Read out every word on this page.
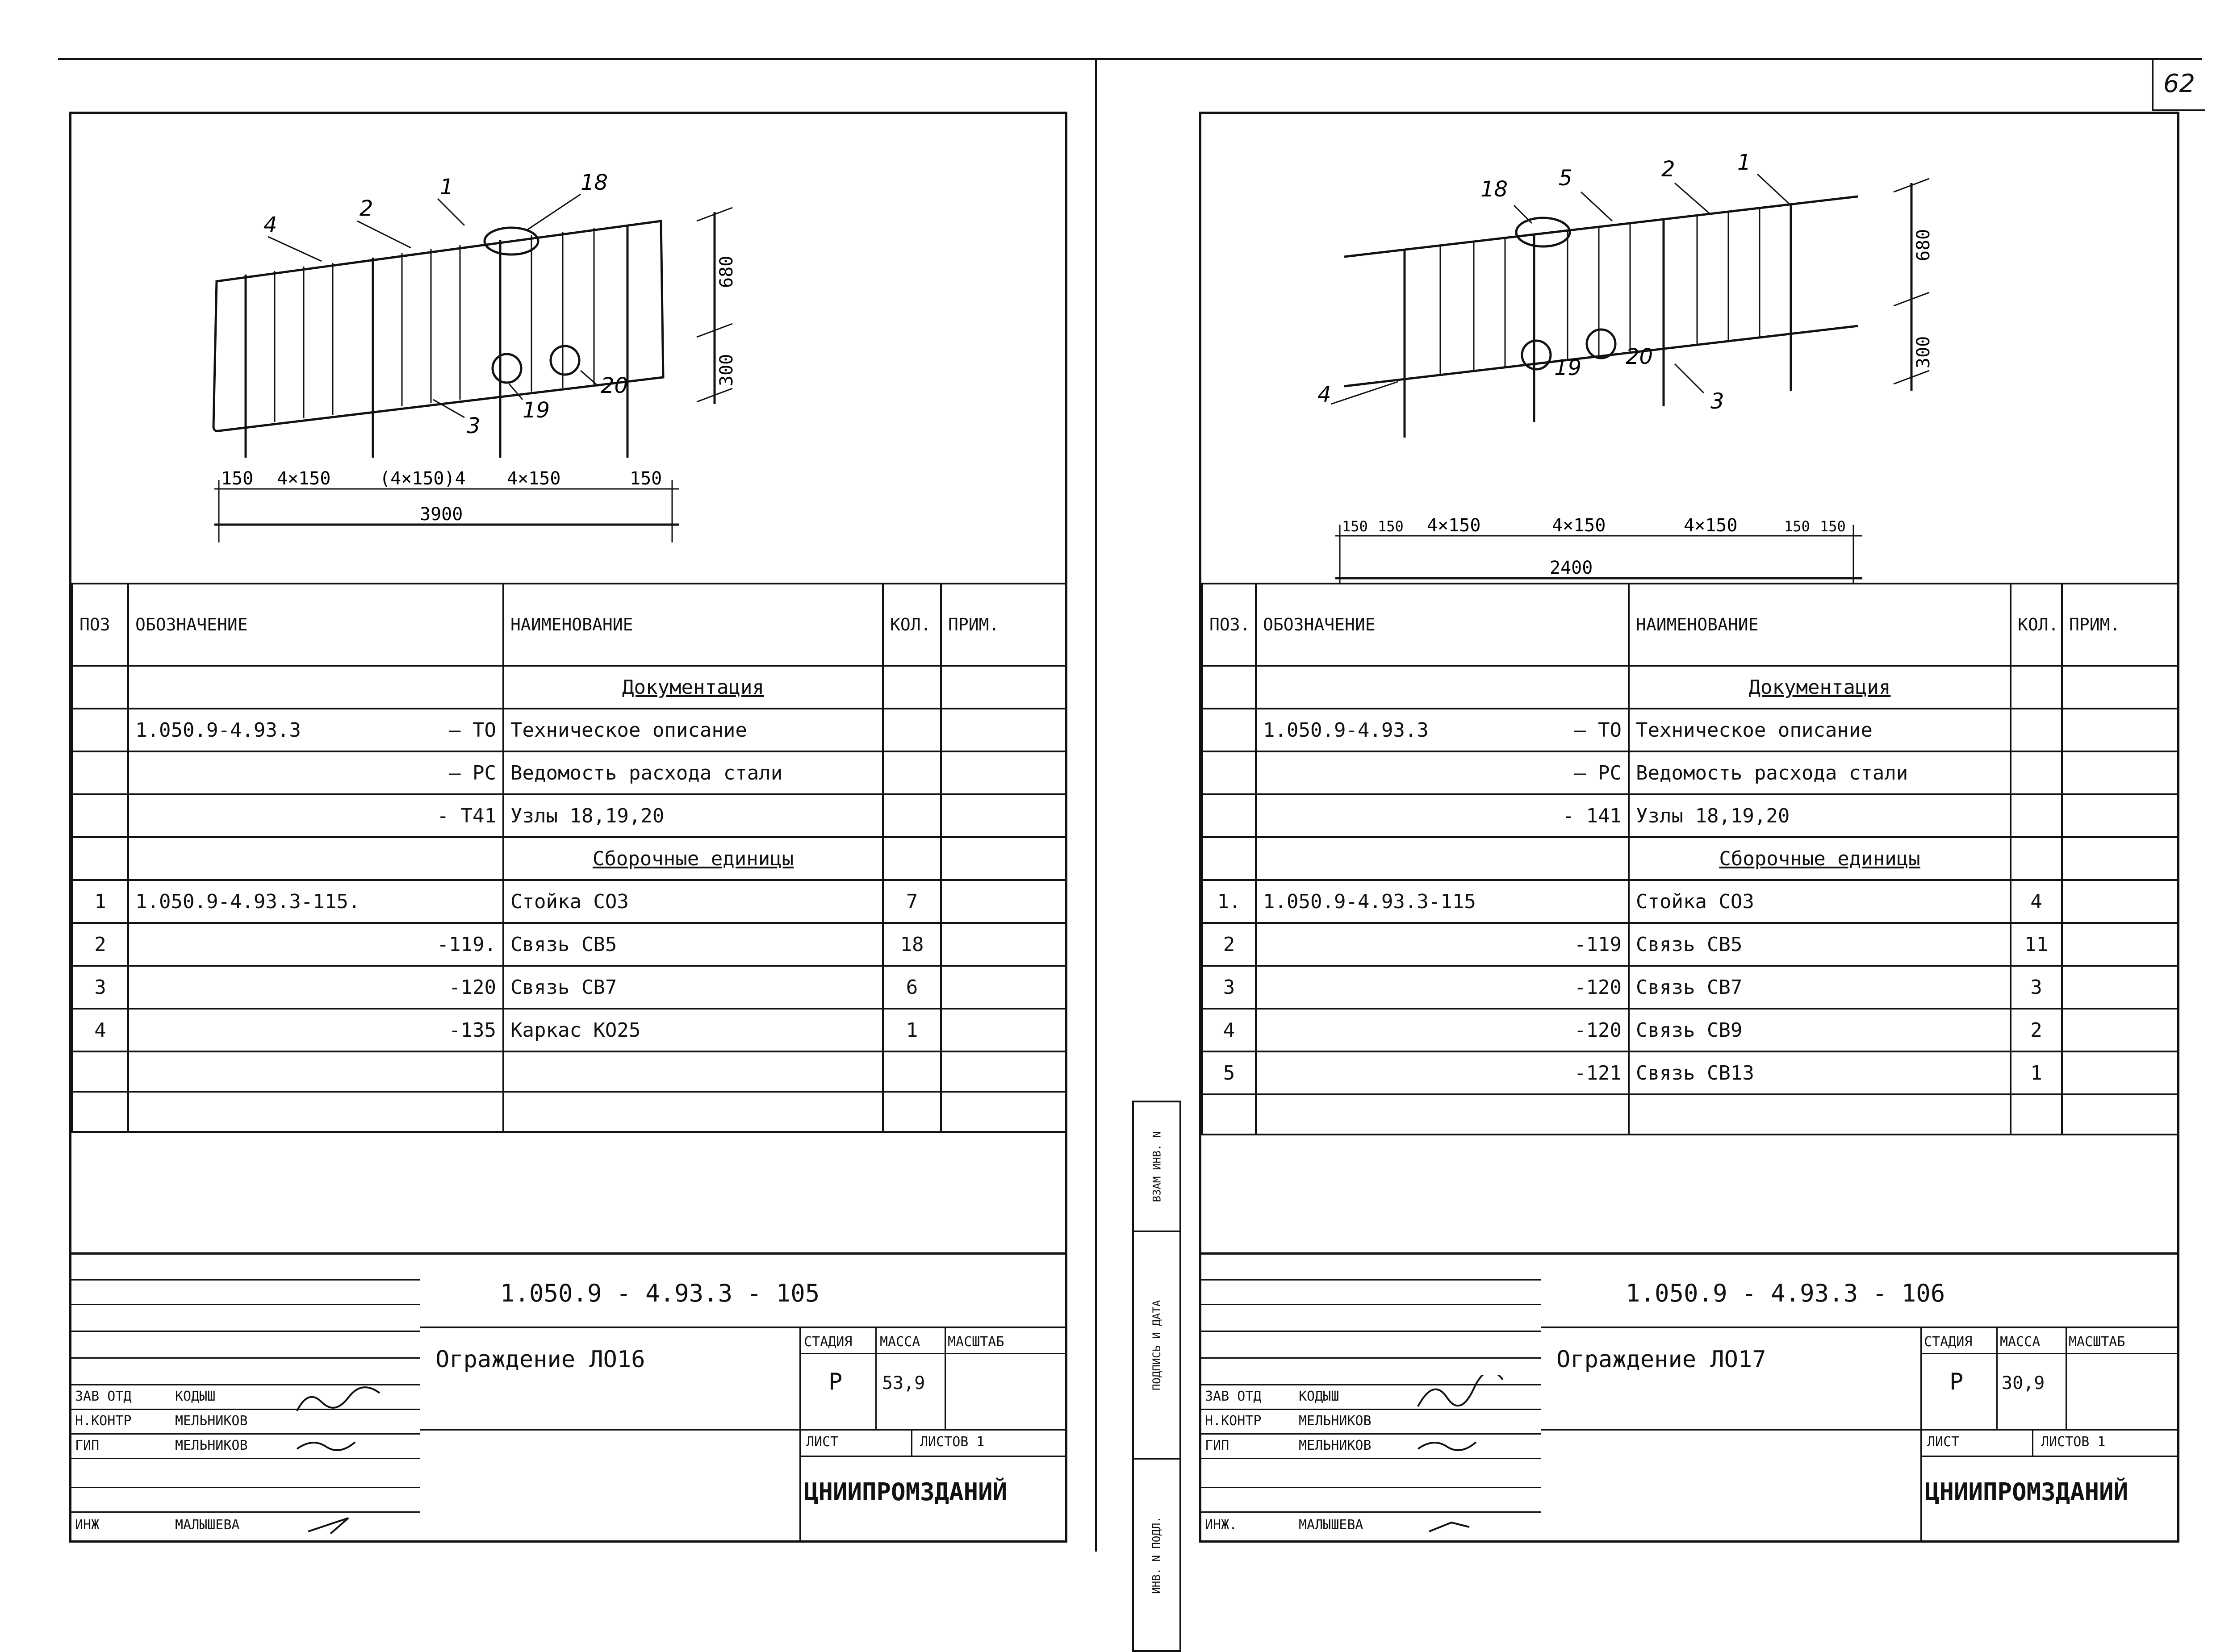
62
4
2
1	18
3
19
20
680
300
150 4×150	(4×150)4 4×150	150
3900
ПОЗ	ОБОЗНАЧЕНИЕ	НАИМЕНОВАНИЕ	КОЛ.	ПРИМ.
		Документация		
	1.050.9-4.93.3 – ТО	Техническое описание		
	– РС	Ведомость расхода стали		
	- Т41	Узлы 18,19,20		
		Сборочные единицы		
1	1.050.9-4.93.3-115.	Стойка СО3	7	
2	-119.	Связь СВ5	18	
3	-120	Связь СВ7	6	
4	-135	Каркас КО25	1	

ЗАВ ОТД	КОДЫШ
Н.КОНТР	МЕЛЬНИКОВ
ГИП	МЕЛЬНИКОВ
ИНЖ	МАЛЫШЕВА
1.050.9 - 4.93.3 - 105
Ограждение ЛО16
СТАДИЯ МАССА МАСШТАБ
Р 53,9
ЛИСТ	ЛИСТОВ 1
ЦНИИПРОМЗДАНИЙ
18 5	2	1
3
4
19 20
680
300
150 150 4×150	4×150	4×150	150 150
2400
ПОЗ.	ОБОЗНАЧЕНИЕ	НАИМЕНОВАНИЕ	КОЛ.	ПРИМ.
		Документация		
	1.050.9-4.93.3 – ТО	Техническое описание		
	– РС	Ведомость расхода стали		
	- 141	Узлы 18,19,20		
		Сборочные единицы		
1.	1.050.9-4.93.3-115	Стойка СО3	4	
2	-119	Связь СВ5	11	
3	-120	Связь СВ7	3	
4	-120	Связь СВ9	2	
5	-121	Связь СВ13	1	

ВЗАМ ИНВ. N
ПОДПИСЬ И ДАТА
ИНВ. N ПОДЛ.
ЗАВ ОТД	КОДЫШ
Н.КОНТР	МЕЛЬНИКОВ
ГИП	МЕЛЬНИКОВ
ИНЖ.	МАЛЫШЕВА
1.050.9 - 4.93.3 - 106
Ограждение ЛО17
СТАДИЯ МАССА МАСШТАБ
Р 30,9
ЛИСТ	ЛИСТОВ 1
ЦНИИПРОМЗДАНИЙ
